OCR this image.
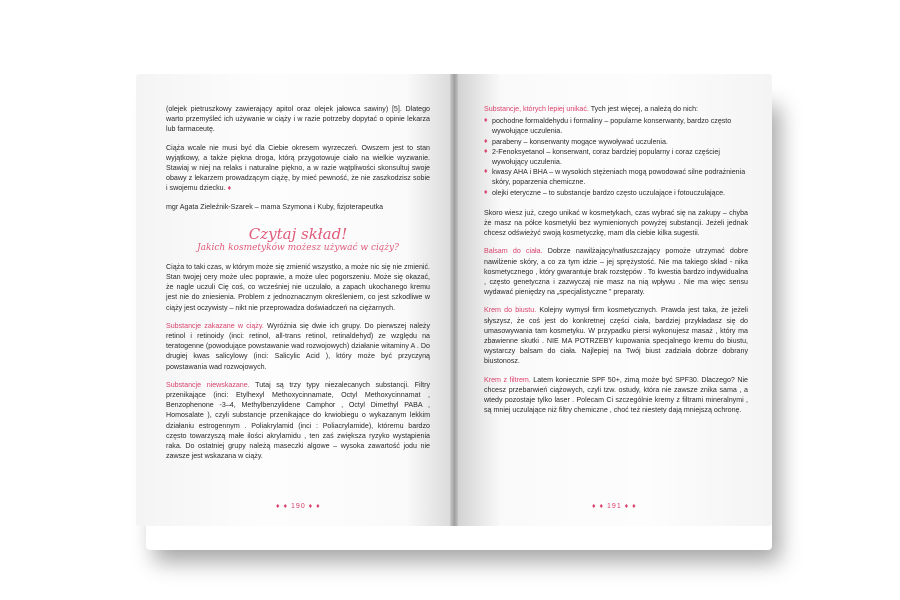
(olejek pietruszkowy zawierający apitol oraz olejek jałowca sawiny) [5]. Dlatego warto przemyśleć ich używanie w ciąży i w razie potrzeby dopytać o opinie lekarza lub farmaceutę.

Ciąża wcale nie musi być dla Ciebie okresem wyrzeczeń. Owszem jest to stan wyjątkowy, a także piękna droga, którą przygotowuje ciało na wielkie wyzwanie. Stawiaj w niej na relaks i naturalne piękno, a w razie wątpliwości skonsultuj swoje obawy z lekarzem prowadzącym ciążę, by mieć pewność, że nie zaszkodzisz sobie i swojemu dziecku. ♦

mgr Agata Zieleźnik-Szarek – mama Szymona i Kuby, fizjoterapeutka

Czytaj skład!
Jakich kosmetyków możesz używać w ciąży?

Ciąża to taki czas, w którym może się zmienić wszystko, a może nic się nie zmienić. Stan twojej cery może ulec poprawie, a może ulec pogorszeniu. Może się okazać, że nagle uczuli Cię coś, co wcześniej nie uczulało, a zapach ukochanego kremu jest nie do zniesienia. Problem z jednoznacznym określeniem, co jest szkodliwe w ciąży jest oczywisty – nikt nie przeprowadza doświadczeń na ciężarnych.

Substancje zakazane w ciąży. Wyróżnia się dwie ich grupy. Do pierwszej należy retinol i retinoidy (inci: retinol, all-trans retinol, retinaldehyd) ze względu na teratogenne (powodujące powstawanie wad rozwojowych) działanie witaminy A . Do drugiej kwas salicylowy (inci: Salicylic Acid ), który może być przyczyną powstawania wad rozwojowych.

Substancje niewskazane. Tutaj są trzy typy niezalecanych substancji. Filtry przenikające (inci: Etylhexyl Methoxycinnamate, Octyl Methoxycinnamat , Benzophenone -3–4, Methylbenzylidene Camphor , Octyl Dimethyl PABA , Homosalate ), czyli substancje przenikające do krwiobiegu o wykazanym lekkim działaniu estrogennym . Poliakrylamid (inci : Poliacrylamide), któremu bardzo często towarzyszą małe ilości akrylamidu , ten zaś zwiększa ryzyko wystąpienia raka. Do ostatniej grupy należą maseczki algowe – wysoka zawartość jodu nie zawsze jest wskazana w ciąży.

♦ ♦ 190 ♦ ♦

Substancje, których lepiej unikać. Tych jest więcej, a należą do nich:

♦ pochodne formaldehydu i formaliny – popularne konserwanty, bardzo często wywołujące uczulenia.
♦ parabeny – konserwanty mogące wywoływać uczulenia.
♦ 2-Fenoksyetanol – konserwant, coraz bardziej popularny i coraz częściej wywołujący uczulenia.
♦ kwasy AHA i BHA – w wysokich stężeniach mogą powodować silne podrażnienia skóry, poparzenia chemiczne.
♦ olejki eteryczne – to substancje bardzo często uczulające i fotouczulające.

Skoro wiesz już, czego unikać w kosmetykach, czas wybrać się na zakupy – chyba że masz na półce kosmetyki bez wymienionych powyżej substancji. Jeżeli jednak chcesz odświeżyć swoją kosmetyczkę, mam dla ciebie kilka sugestii.

Balsam do ciała. Dobrze nawilżający/natłuszczający pomoże utrzymać dobre nawilżenie skóry, a co za tym idzie – jej sprężystość. Nie ma takiego skład - nika kosmetycznego , który gwarantuje brak rozstępów . To kwestia bardzo indywidualna , często genetyczna i zazwyczaj nie masz na nią wpływu . Nie ma więc sensu wydawać pieniędzy na „specjalistyczne ” preparaty.

Krem do biustu. Kolejny wymysł firm kosmetycznych. Prawda jest taka, że jeżeli słyszysz, że coś jest do konkretnej części ciała, bardziej przykładasz się do umasowywania tam kosmetyku. W przypadku piersi wykonujesz masaż , który ma zbawienne skutki . NIE MA POTRZEBY kupowania specjalnego kremu do biustu, wystarczy balsam do ciała. Najlepiej na Twój biust zadziała dobrze dobrany biustonosz.

Krem z filtrem. Latem koniecznie SPF 50+, zimą może być SPF30. Dlaczego? Nie chcesz przebarwień ciążowych, czyli tzw. ostudy, która nie zawsze znika sama , a wtedy pozostaje tylko laser . Polecam Ci szczególnie kremy z filtrami mineralnymi , są mniej uczulające niż filtry chemiczne , choć też niestety dają mniejszą ochronę.

♦ ♦ 191 ♦ ♦
